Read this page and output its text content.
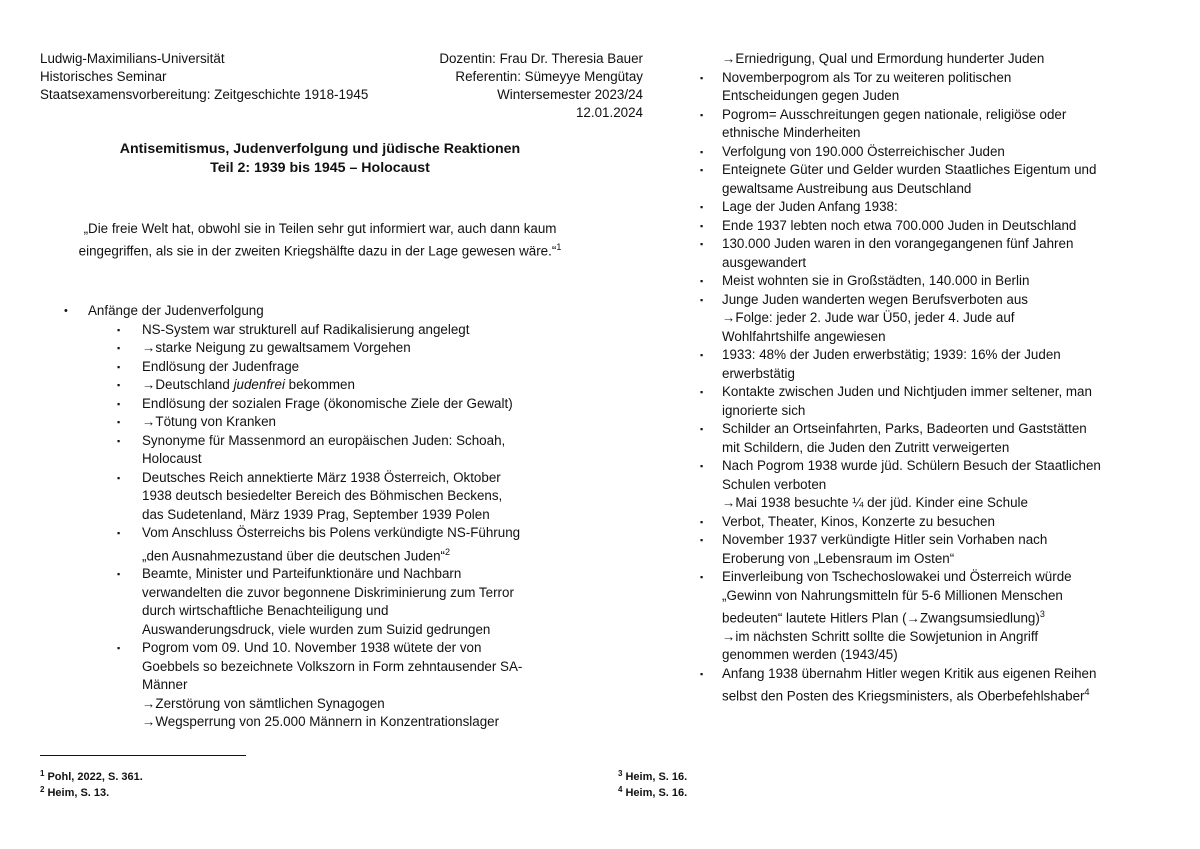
Ludwig-Maximilians-Universität
Historisches Seminar
Staatsexamensvorbereitung: Zeitgeschichte 1918-1945
Dozentin: Frau Dr. Theresia Bauer
Referentin: Sümeyye Mengütay
Wintersemester 2023/24
12.01.2024
Antisemitismus, Judenverfolgung und jüdische Reaktionen
Teil 2: 1939 bis 1945 – Holocaust
„Die freie Welt hat, obwohl sie in Teilen sehr gut informiert war, auch dann kaum eingegriffen, als sie in der zweiten Kriegshälfte dazu in der Lage gewesen wäre.“$^1$
• Anfänge der Judenverfolgung
▪ NS-System war strukturell auf Radikalisierung angelegt
▪ →starke Neigung zu gewaltsamem Vorgehen
▪ Endlösung der Judenfrage
▪ →Deutschland judenfrei bekommen
▪ Endlösung der sozialen Frage (ökonomische Ziele der Gewalt)
▪ →Tötung von Kranken
▪ Synonyme für Massenmord an europäischen Juden: Schoah,
Holocaust
▪ Deutsches Reich annektierte März 1938 Österreich, Oktober
1938 deutsch besiedelter Bereich des Böhmischen Beckens,
das Sudetenland, März 1939 Prag, September 1939 Polen
▪ Vom Anschluss Österreichs bis Polens verkündigte NS-Führung
„den Ausnahmezustand über die deutschen Juden“$^2$
▪ Beamte, Minister und Parteifunktionäre und Nachbarn
verwandelten die zuvor begonnene Diskriminierung zum Terror
durch wirtschaftliche Benachteiligung und
Auswanderungsdruck, viele wurden zum Suizid gedrungen
▪ Pogrom vom 09. Und 10. November 1938 wütete der von
Goebbels so bezeichnete Volkszorn in Form zehntausender SA-
Männer
→Zerstörung von sämtlichen Synagogen
→Wegsperrung von 25.000 Männern in Konzentrationslager
→Erniedrigung, Qual und Ermordung hunderter Juden
▪ Novemberpogrom als Tor zu weiteren politischen
Entscheidungen gegen Juden
▪ Pogrom= Ausschreitungen gegen nationale, religiöse oder
ethnische Minderheiten
▪ Verfolgung von 190.000 Österreichischer Juden
▪ Enteignete Güter und Gelder wurden Staatliches Eigentum und
gewaltsame Austreibung aus Deutschland
▪ Lage der Juden Anfang 1938:
▪ Ende 1937 lebten noch etwa 700.000 Juden in Deutschland
▪ 130.000 Juden waren in den vorangegangenen fünf Jahren
ausgewandert
▪ Meist wohnten sie in Großstädten, 140.000 in Berlin
▪ Junge Juden wanderten wegen Berufsverboten aus
→Folge: jeder 2. Jude war Ü50, jeder 4. Jude auf
Wohlfahrtshilfe angewiesen
▪ 1933: 48% der Juden erwerbstätig; 1939: 16% der Juden
erwerbstätig
▪ Kontakte zwischen Juden und Nichtjuden immer seltener, man
ignorierte sich
▪ Schilder an Ortseinfahrten, Parks, Badeorten und Gaststätten
mit Schildern, die Juden den Zutritt verweigerten
▪ Nach Pogrom 1938 wurde jüd. Schülern Besuch der Staatlichen
Schulen verboten
→Mai 1938 besuchte ¼ der jüd. Kinder eine Schule
▪ Verbot, Theater, Kinos, Konzerte zu besuchen
▪ November 1937 verkündigte Hitler sein Vorhaben nach
Eroberung von „Lebensraum im Osten“
▪ Einverleibung von Tschechoslowakei und Österreich würde
„Gewinn von Nahrungsmitteln für 5-6 Millionen Menschen
bedeuten“ lautete Hitlers Plan (→Zwangsumsiedlung)$^3$
→im nächsten Schritt sollte die Sowjetunion in Angriff
genommen werden (1943/45)
▪ Anfang 1938 übernahm Hitler wegen Kritik aus eigenen Reihen
selbst den Posten des Kriegsministers, als Oberbefehlshaber$^4$
$^1$ Pohl, 2022, S. 361.
$^2$ Heim, S. 13.
$^3$ Heim, S. 16.
$^4$ Heim, S. 16.
